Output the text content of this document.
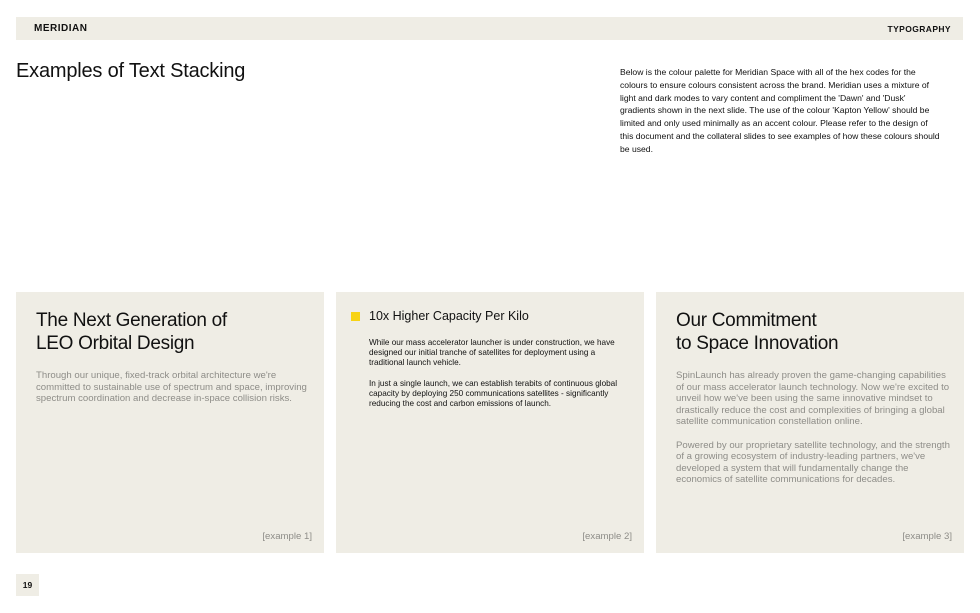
MERIDIAN	TYPOGRAPHY
Examples of Text Stacking	Below is the colour palette for Meridian Space with all of the hex codes for the colours to ensure colours consistent across the brand. Meridian uses a mixture of light and dark modes to vary content and compliment the 'Dawn' and 'Dusk' gradients shown in the next slide. The use of the colour 'Kapton Yellow' should be limited and only used minimally as an accent colour. Please refer to the design of this document and the collateral slides to see examples of how these colours should be used.

The Next Generation of
LEO Orbital Design

Through our unique, fixed-track orbital architecture we're committed to sustainable use of spectrum and space, improving spectrum coordination and decrease in-space collision risks.

[example 1]
10x Higher Capacity Per Kilo

While our mass accelerator launcher is under construction, we have designed our initial tranche of satellites for deployment using a traditional launch vehicle.

In just a single launch, we can establish terabits of continuous global capacity by deploying 250 communications satellites - significantly reducing the cost and carbon emissions of launch.

[example 2]
Our Commitment
to Space Innovation

SpinLaunch has already proven the game-changing capabilities of our mass accelerator launch technology. Now we're excited to unveil how we've been using the same innovative mindset to drastically reduce the cost and complexities of bringing a global satellite communication constellation online.

Powered by our proprietary satellite technology, and the strength of a growing ecosystem of industry-leading partners, we've developed a system that will fundamentally change the economics of satellite communications for decades.

[example 3]
19
